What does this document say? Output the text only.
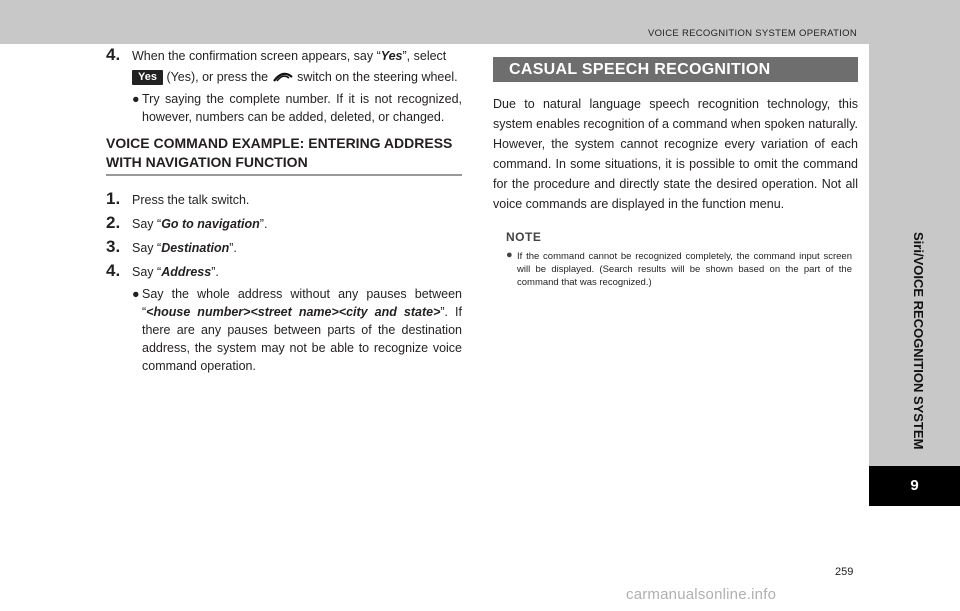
VOICE RECOGNITION SYSTEM OPERATION
Siri/VOICE RECOGNITION SYSTEM
9
4. When the confirmation screen appears, say “Yes”, select Yes (Yes), or press the  switch on the steering wheel.
● Try saying the complete number. If it is not recognized, however, numbers can be added, deleted, or changed.
VOICE COMMAND EXAMPLE: ENTERING ADDRESS WITH NAVIGATION FUNCTION
1. Press the talk switch.
2. Say “Go to navigation”.
3. Say “Destination”.
4. Say “Address”.
● Say the whole address without any pauses between “<house number><street name><city and state>”. If there are any pauses between parts of the destination address, the system may not be able to recognize voice command operation.
CASUAL SPEECH RECOGNITION
Due to natural language speech recognition technology, this system enables recognition of a command when spoken naturally. However, the system cannot recognize every variation of each command. In some situations, it is possible to omit the command for the procedure and directly state the desired operation. Not all voice commands are displayed in the function menu.
NOTE
● If the command cannot be recognized completely, the command input screen will be displayed. (Search results will be shown based on the part of the command that was recognized.)
259
carmanualsonline.info
